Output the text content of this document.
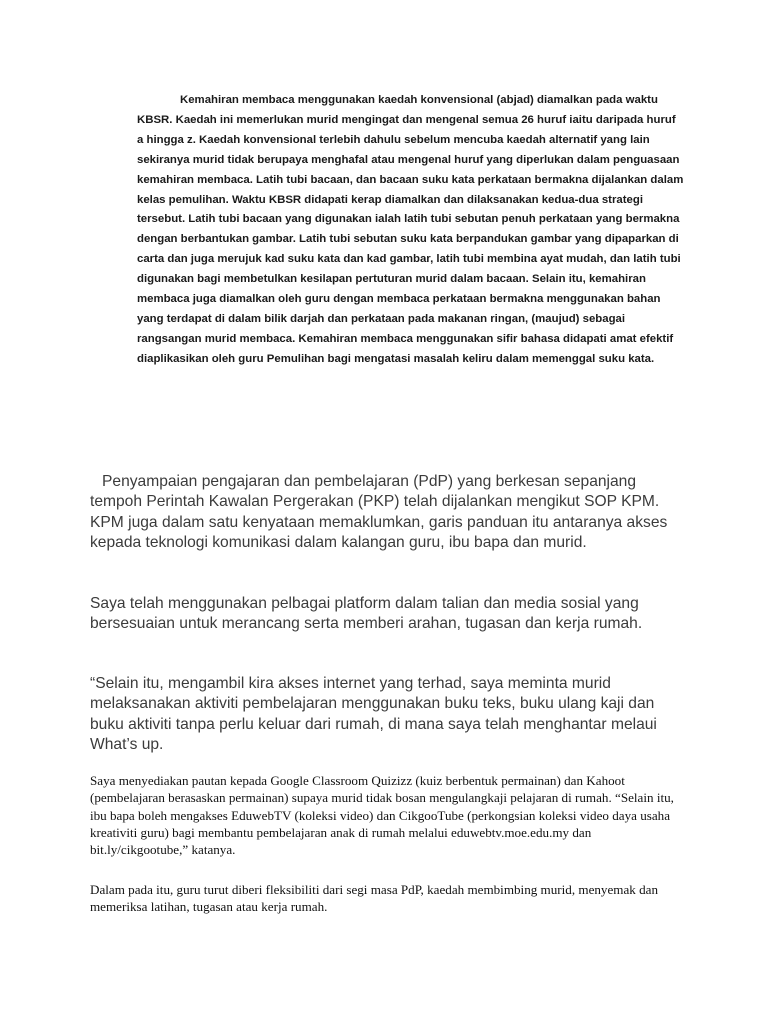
Kemahiran membaca menggunakan kaedah konvensional (abjad) diamalkan pada waktu KBSR. Kaedah ini memerlukan murid mengingat dan mengenal semua 26 huruf iaitu daripada huruf a hingga z. Kaedah konvensional terlebih dahulu sebelum mencuba kaedah alternatif yang lain sekiranya murid tidak berupaya menghafal atau mengenal huruf yang diperlukan dalam penguasaan kemahiran membaca. Latih tubi bacaan, dan bacaan suku kata perkataan bermakna dijalankan dalam kelas pemulihan. Waktu KBSR didapati kerap diamalkan dan dilaksanakan kedua-dua strategi tersebut. Latih tubi bacaan yang digunakan ialah latih tubi sebutan penuh perkataan yang bermakna dengan berbantukan gambar. Latih tubi sebutan suku kata berpandukan gambar yang dipaparkan di carta dan juga merujuk kad suku kata dan kad gambar, latih tubi membina ayat mudah, dan latih tubi digunakan bagi membetulkan kesilapan pertuturan murid dalam bacaan. Selain itu, kemahiran membaca juga diamalkan oleh guru dengan membaca perkataan bermakna menggunakan bahan yang terdapat di dalam bilik darjah dan perkataan pada makanan ringan, (maujud) sebagai rangsangan murid membaca. Kemahiran membaca menggunakan sifir bahasa didapati amat efektif diaplikasikan oleh guru Pemulihan bagi mengatasi masalah keliru dalam memenggal suku kata.

Penyampaian pengajaran dan pembelajaran (PdP) yang berkesan sepanjang tempoh Perintah Kawalan Pergerakan (PKP) telah dijalankan mengikut SOP KPM. KPM juga dalam satu kenyataan memaklumkan, garis panduan itu antaranya akses kepada teknologi komunikasi dalam kalangan guru, ibu bapa dan murid.

Saya telah menggunakan pelbagai platform dalam talian dan media sosial yang bersesuaian untuk merancang serta memberi arahan, tugasan dan kerja rumah.

“Selain itu, mengambil kira akses internet yang terhad, saya meminta murid melaksanakan aktiviti pembelajaran menggunakan buku teks, buku ulang kaji dan buku aktiviti tanpa perlu keluar dari rumah, di mana saya telah menghantar melaui What’s up.

Saya menyediakan pautan kepada Google Classroom Quizizz (kuiz berbentuk permainan) dan Kahoot (pembelajaran berasaskan permainan) supaya murid tidak bosan mengulangkaji pelajaran di rumah. “Selain itu, ibu bapa boleh mengakses EduwebTV (koleksi video) dan CikgooTube (perkongsian koleksi video daya usaha kreativiti guru) bagi membantu pembelajaran anak di rumah melalui eduwebtv.moe.edu.my dan bit.ly/cikgootube,” katanya.

Dalam pada itu, guru turut diberi fleksibiliti dari segi masa PdP, kaedah membimbing murid, menyemak dan memeriksa latihan, tugasan atau kerja rumah.
